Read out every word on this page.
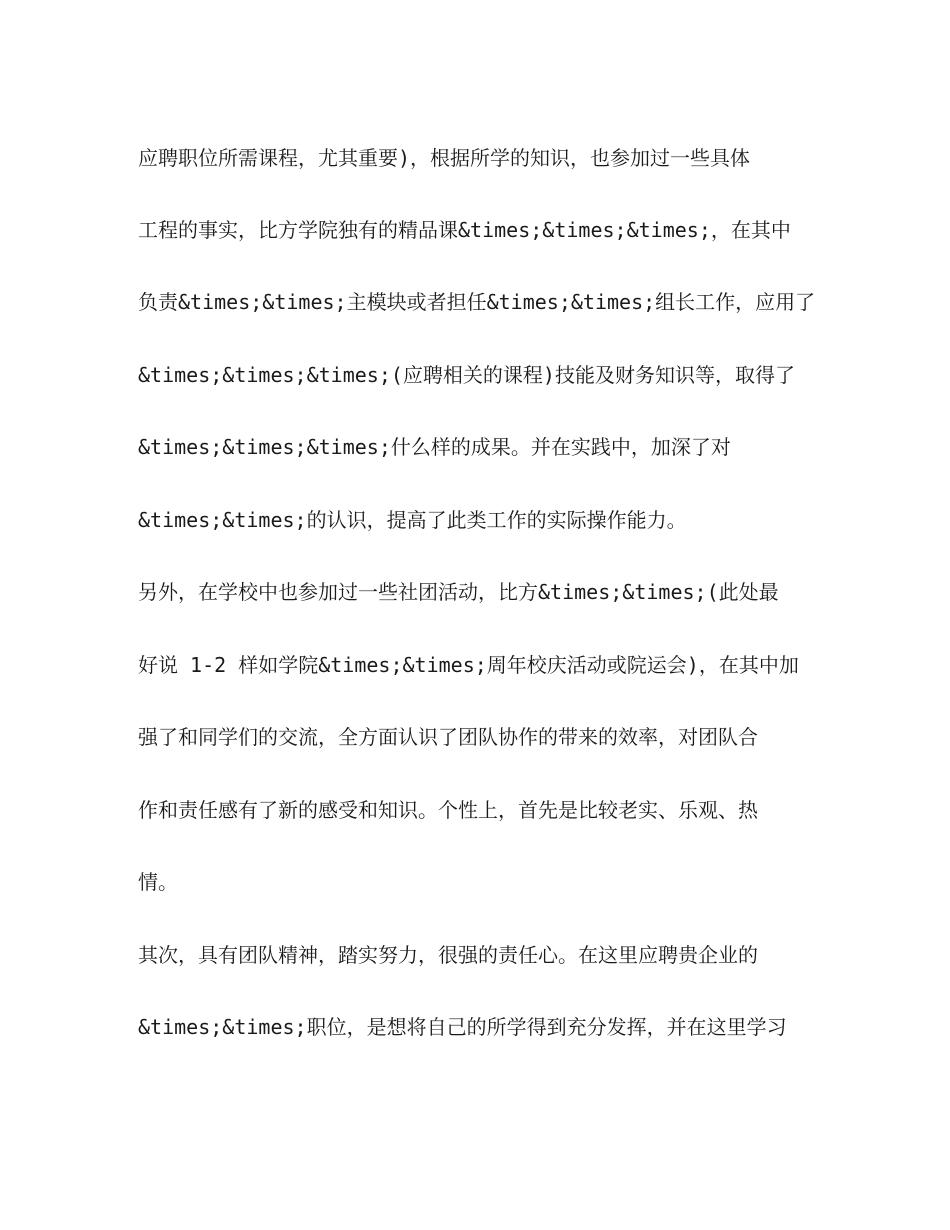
应聘职位所需课程，尤其重要)，根据所学的知识，也参加过一些具体
工程的事实，比方学院独有的精品课&times;&times;&times;，在其中
负责&times;&times;主模块或者担任&times;&times;组长工作，应用了
&times;&times;&times;(应聘相关的课程)技能及财务知识等，取得了
&times;&times;&times;什么样的成果。并在实践中，加深了对
&times;&times;的认识，提高了此类工作的实际操作能力。
另外，在学校中也参加过一些社团活动，比方&times;&times;(此处最
好说 1-2 样如学院&times;&times;周年校庆活动或院运会)，在其中加
强了和同学们的交流，全方面认识了团队协作的带来的效率，对团队合
作和责任感有了新的感受和知识。个性上，首先是比较老实、乐观、热
情。
其次，具有团队精神，踏实努力，很强的责任心。在这里应聘贵企业的
&times;&times;职位，是想将自己的所学得到充分发挥，并在这里学习
